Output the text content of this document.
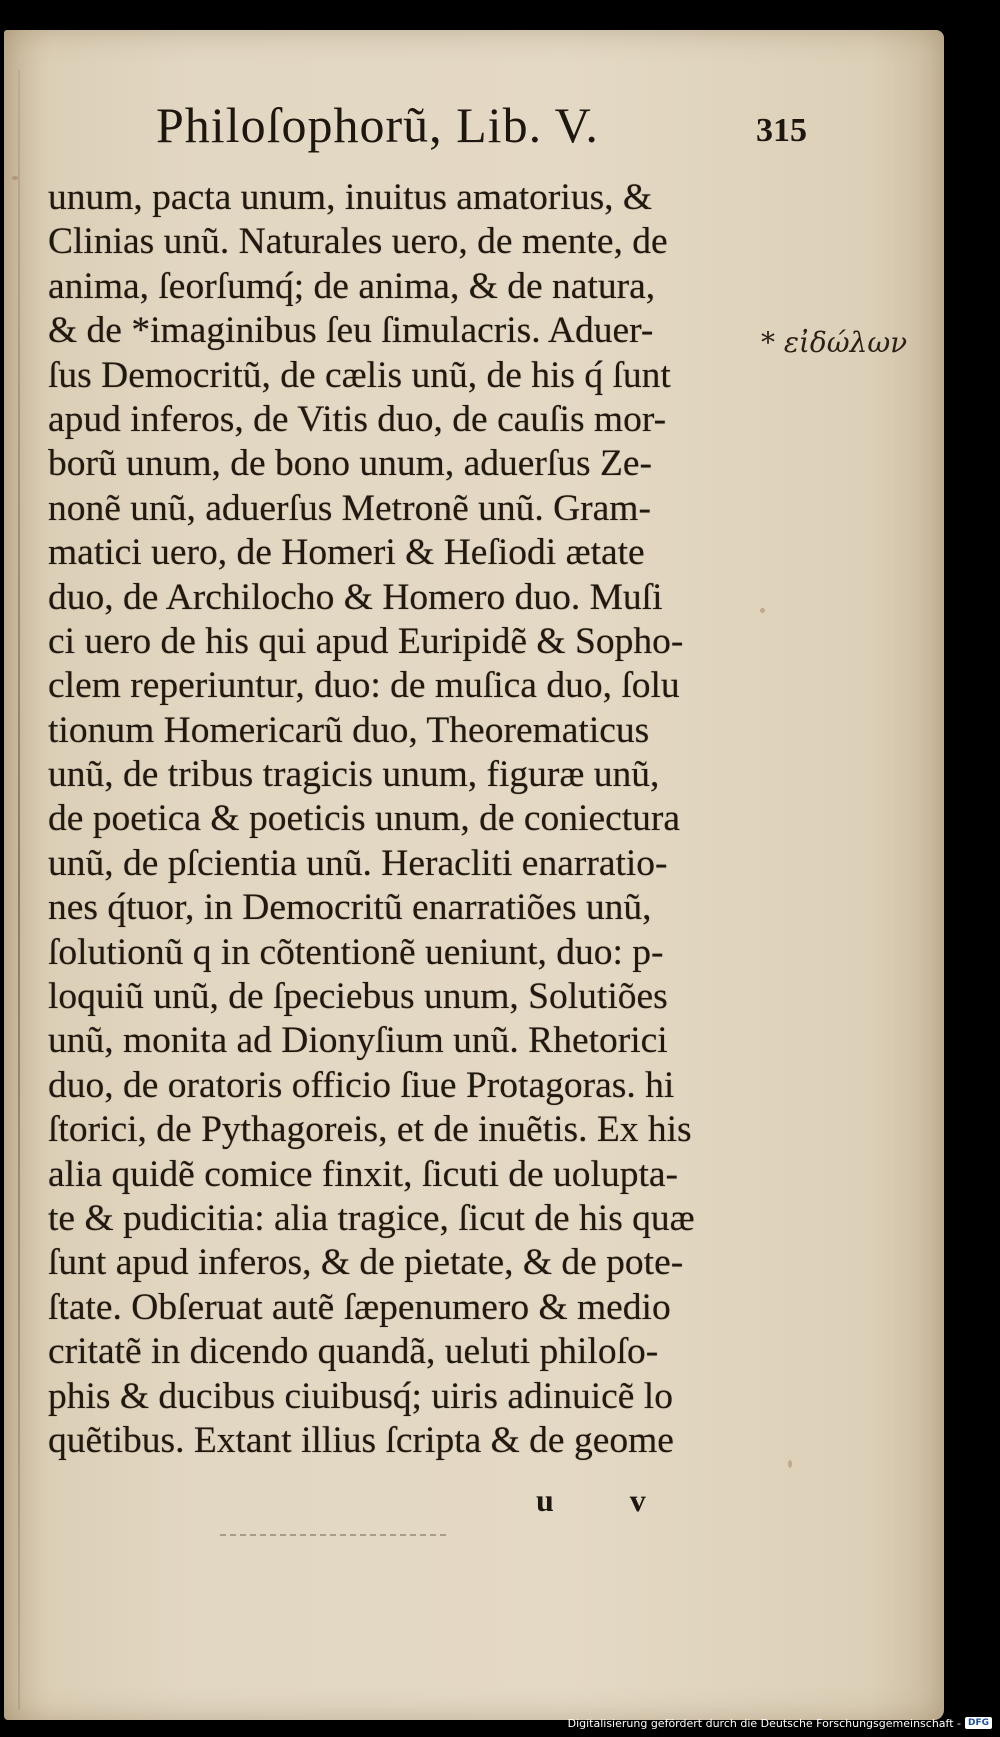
Philoſophorũ, Lib. V.	315
unum, pacta unum, inuitus amatorius, &
Clinias unũ. Naturales uero, de mente, de
anima, ſeorſumq́; de anima, & de natura,
& de *imaginibus ſeu ſimulacris. Aduer-
ſus Democritũ, de cælis unũ, de his q́ ſunt
apud inferos, de Vitis duo, de cauſis mor-
borũ unum, de bono unum, aduerſus Ze-
nonẽ unũ, aduerſus Metronẽ unũ. Gram-
matici uero, de Homeri & Heſiodi ætate
duo, de Archilocho & Homero duo. Muſi
ci uero de his qui apud Euripidẽ & Sopho-
clem reperiuntur, duo: de muſica duo, ſolu
tionum Homericarũ duo, Theorematicus
unũ, de tribus tragicis unum, figuræ unũ,
de poetica & poeticis unum, de coniectura
unũ, de pſcientia unũ. Heracliti enarratio-
nes q́tuor, in Democritũ enarratiões unũ,
ſolutionũ q in cõtentionẽ ueniunt, duo: p-
loquiũ unũ, de ſpeciebus unum, Solutiões
unũ, monita ad Dionyſium unũ. Rhetorici
duo, de oratoris officio ſiue Protagoras. hi
ſtorici, de Pythagoreis, et de inuẽtis. Ex his
alia quidẽ comice finxit, ſicuti de uolupta-
te & pudicitia: alia tragice, ſicut de his quæ
ſunt apud inferos, & de pietate, & de pote-
ſtate. Obſeruat autẽ ſæpenumero & medio
critatẽ in dicendo quandã, ueluti philoſo-
phis & ducibus ciuibusq́; uiris adinuicẽ lo
quẽtibus. Extant illius ſcripta & de geome
* εἰδώλων
u v
Digitalisierung gefördert durch die Deutsche Forschungsgemeinschaft - DFG
